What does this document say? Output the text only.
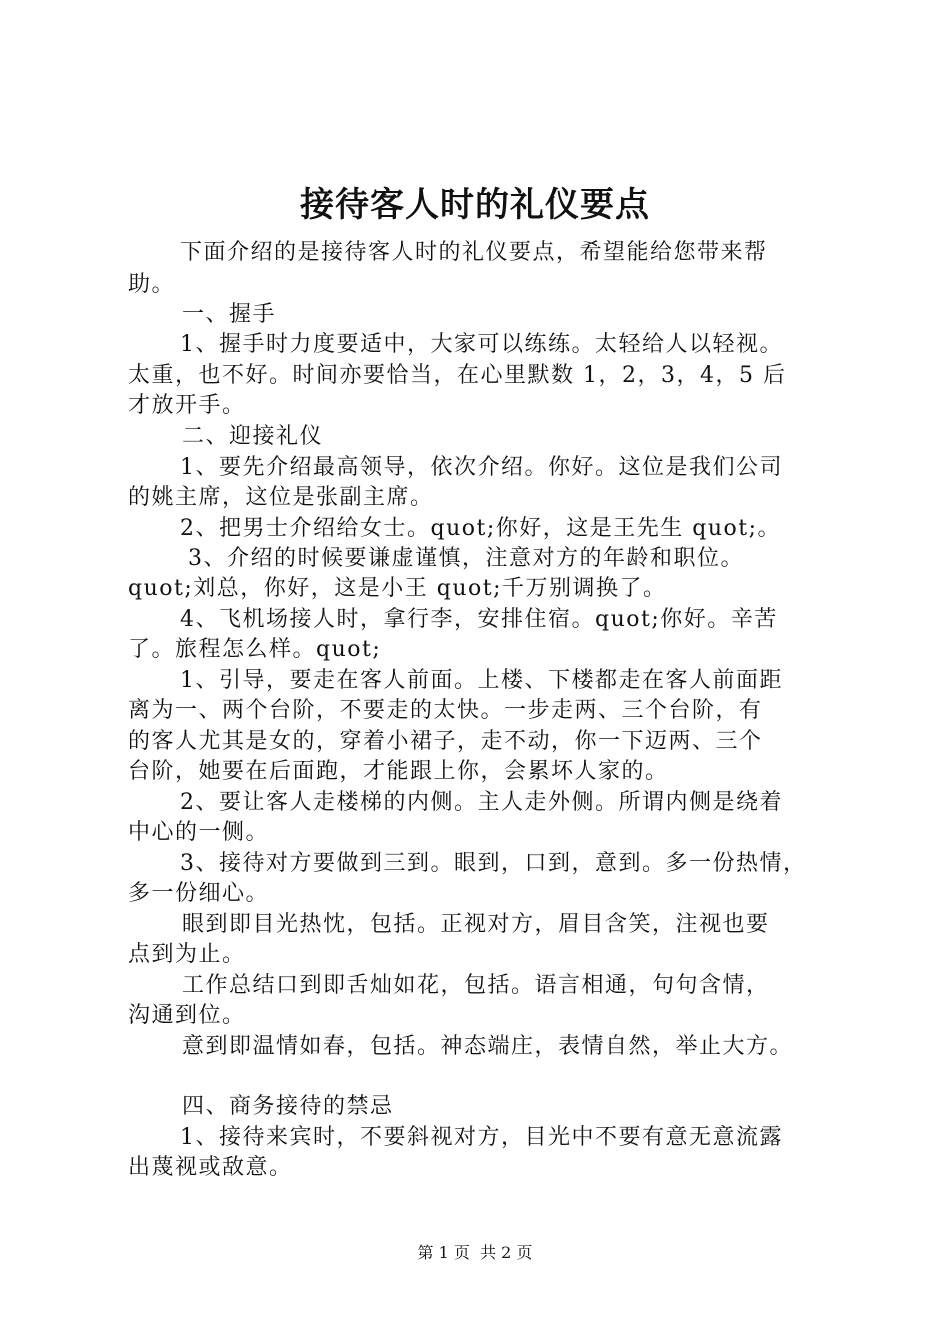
接待客人时的礼仪要点
下面介绍的是接待客人时的礼仪要点，希望能给您带来帮
助。
一、握手
1、握手时力度要适中，大家可以练练。太轻给人以轻视。
太重，也不好。时间亦要恰当，在心里默数 1，2，3，4，5 后
才放开手。
二、迎接礼仪
1、要先介绍最高领导，依次介绍。你好。这位是我们公司
的姚主席，这位是张副主席。
2、把男士介绍给女士。quot;你好，这是王先生 quot;。
3、介绍的时候要谦虚谨慎，注意对方的年龄和职位。
quot;刘总，你好，这是小王 quot;千万别调换了。
4、飞机场接人时，拿行李，安排住宿。quot;你好。辛苦
了。旅程怎么样。quot;
1、引导，要走在客人前面。上楼、下楼都走在客人前面距
离为一、两个台阶，不要走的太快。一步走两、三个台阶，有
的客人尤其是女的，穿着小裙子，走不动，你一下迈两、三个
台阶，她要在后面跑，才能跟上你，会累坏人家的。
2、要让客人走楼梯的内侧。主人走外侧。所谓内侧是绕着
中心的一侧。
3、接待对方要做到三到。眼到，口到，意到。多一份热情，
多一份细心。
眼到即目光热忱，包括。正视对方，眉目含笑，注视也要
点到为止。
工作总结口到即舌灿如花，包括。语言相通，句句含情，
沟通到位。
意到即温情如春，包括。神态端庄，表情自然，举止大方。
四、商务接待的禁忌
1、接待来宾时，不要斜视对方，目光中不要有意无意流露
出蔑视或敌意。
第 1 页  共 2 页
